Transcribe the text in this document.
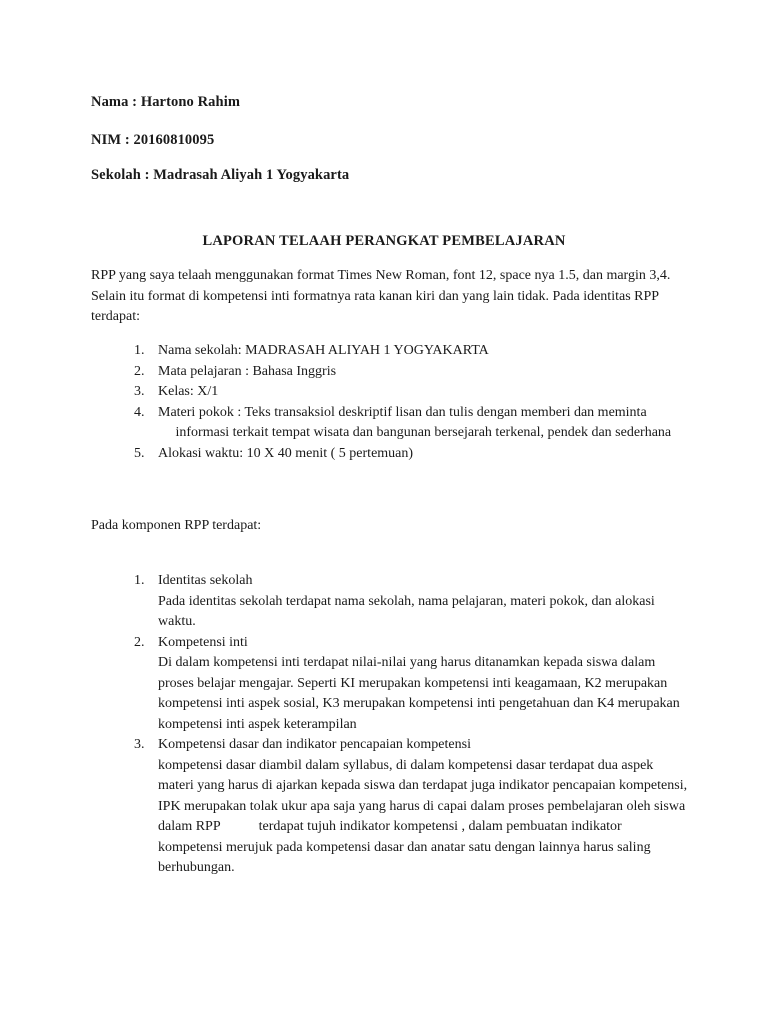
Nama : Hartono Rahim
NIM : 20160810095
Sekolah : Madrasah Aliyah 1 Yogyakarta
LAPORAN TELAAH PERANGKAT PEMBELAJARAN

RPP yang saya telaah menggunakan format Times New Roman, font 12, space nya 1.5, dan margin 3,4. Selain itu format di kompetensi inti formatnya rata kanan kiri dan yang lain tidak. Pada identitas RPP terdapat:

1. Nama sekolah: MADRASAH ALIYAH 1 YOGYAKARTA
2. Mata pelajaran : Bahasa Inggris
3. Kelas: X/1
4. Materi pokok : Teks transaksiol deskriptif lisan dan tulis dengan memberi dan meminta      informasi terkait tempat wisata dan bangunan bersejarah terkenal, pendek dan sederhana
5. Alokasi waktu: 10 X 40 menit ( 5 pertemuan)

Pada komponen RPP terdapat:

1. Identitas sekolah
Pada identitas sekolah terdapat nama sekolah, nama pelajaran, materi pokok, dan alokasi waktu.
2. Kompetensi inti
Di dalam kompetensi inti terdapat nilai-nilai yang harus ditanamkan kepada siswa dalam proses belajar mengajar. Seperti KI merupakan kompetensi inti keagamaan, K2 merupakan kompetensi inti aspek sosial, K3 merupakan kompetensi inti pengetahuan dan K4 merupakan kompetensi inti aspek keterampilan
3. Kompetensi dasar dan indikator pencapaian kompetensi
kompetensi dasar diambil dalam syllabus, di dalam kompetensi dasar terdapat dua aspek materi yang harus di ajarkan kepada siswa dan terdapat juga indikator pencapaian kompetensi, IPK merupakan tolak ukur apa saja yang harus di capai dalam proses pembelajaran oleh siswa dalam RPP           terdapat tujuh indikator kompetensi , dalam pembuatan indikator kompetensi merujuk pada kompetensi dasar dan anatar satu dengan lainnya harus saling berhubungan.
